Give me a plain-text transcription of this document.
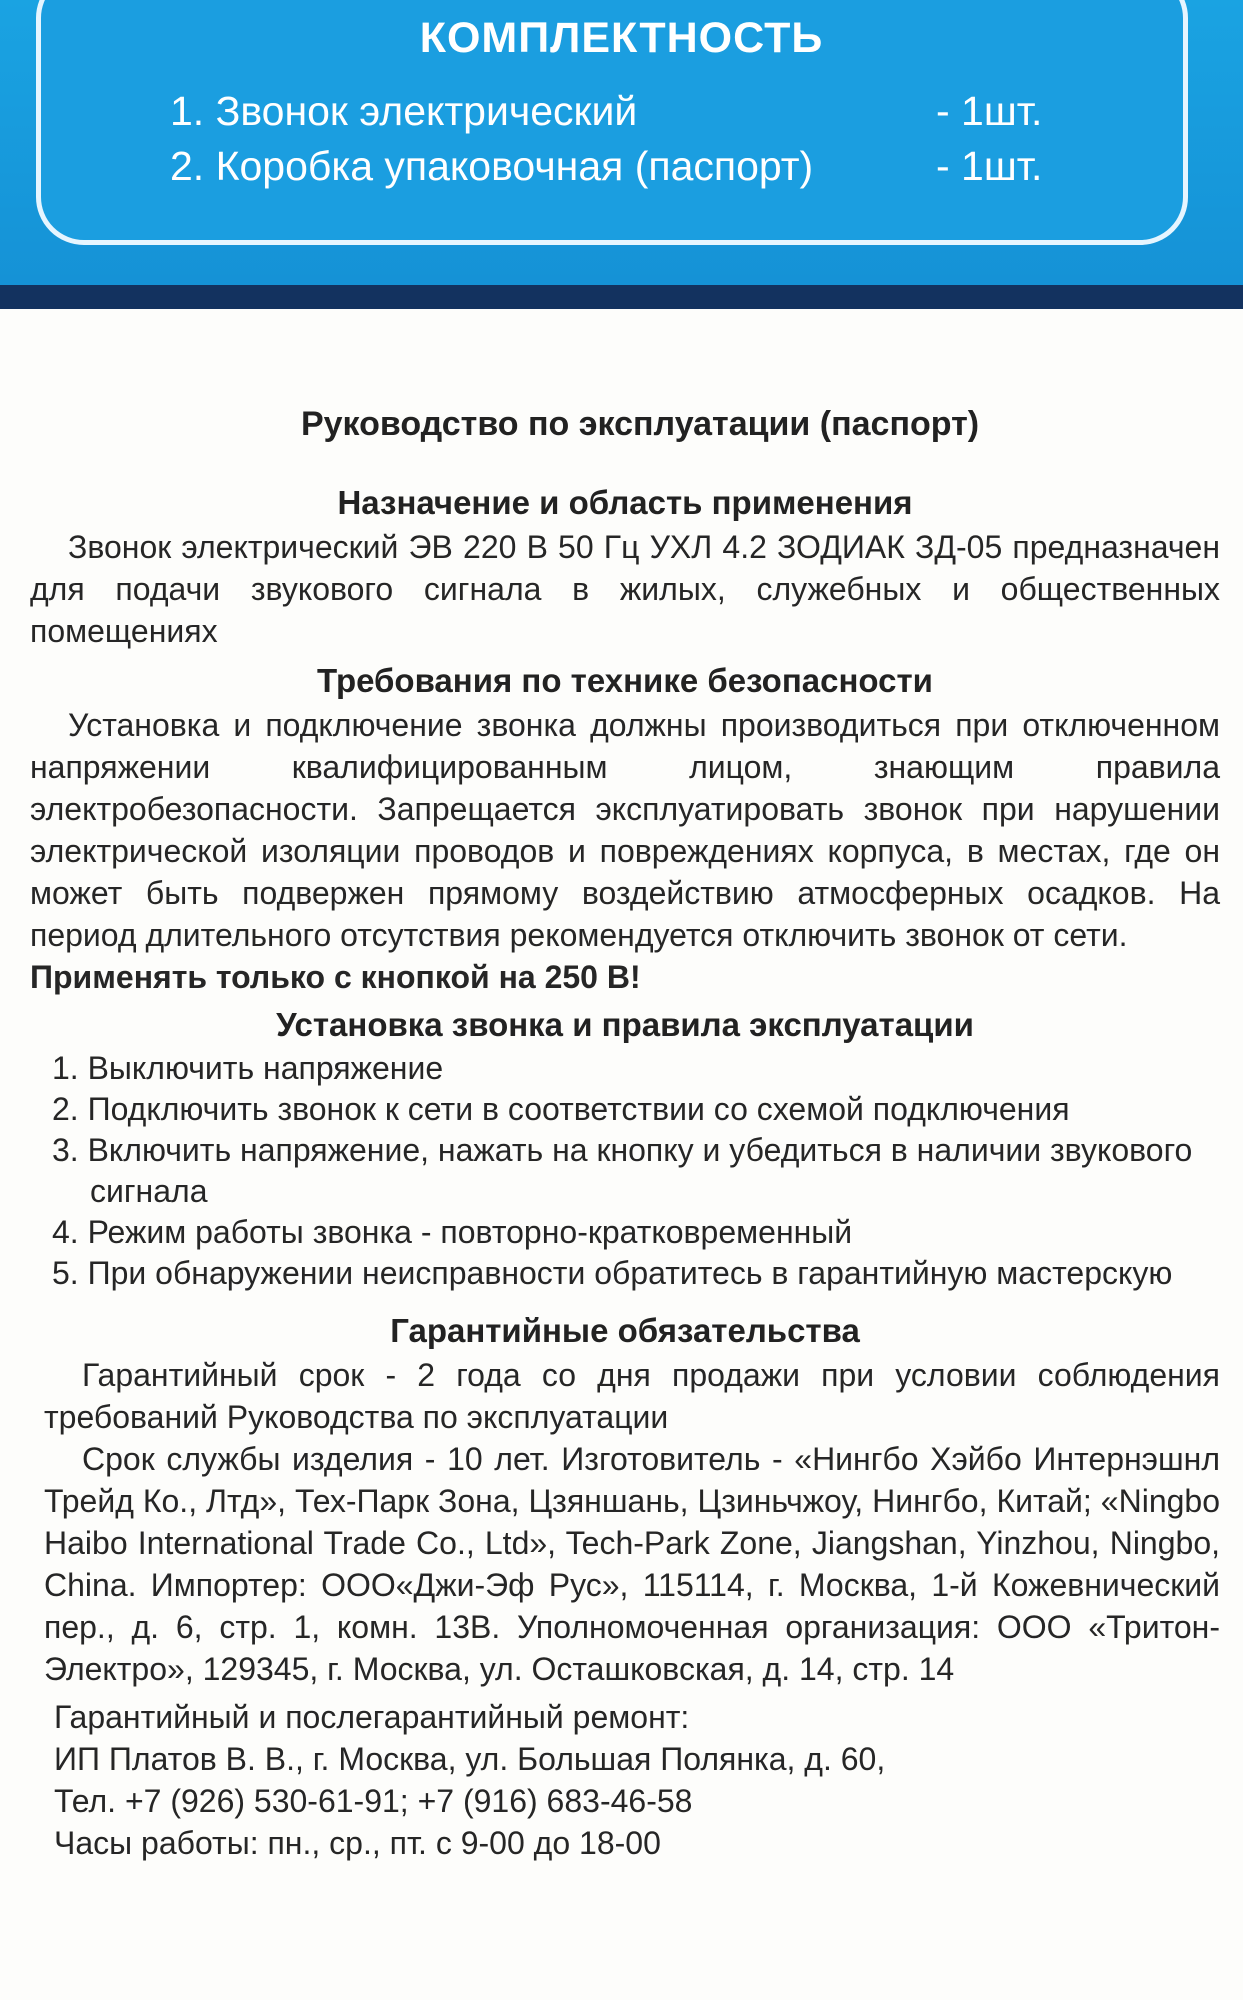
КОМПЛЕКТНОСТЬ
1. Звонок электрический	- 1шт.
2. Коробка упаковочная (паспорт)	- 1шт.
Руководство по эксплуатации (паспорт)
Назначение и область применения

Звонок электрический ЭВ 220 В 50 Гц УХЛ 4.2 ЗОДИАК ЗД-05 предназначен для подачи звукового сигнала в жилых, служебных и общественных помещениях

Требования по технике безопасности

Установка и подключение звонка должны производиться при отключенном напряжении квалифицированным лицом, знающим правила электробезопасности. Запрещается эксплуатировать звонок при нарушении электрической изоляции проводов и повреждениях корпуса, в местах, где он может быть подвержен прямому воздействию атмосферных осадков. На период длительного отсутствия рекомендуется отключить звонок от сети.

Применять только с кнопкой на 250 В!

Установка звонка и правила эксплуатации
1. Выключить напряжение
2. Подключить звонок к сети в соответствии со схемой подключения
3. Включить напряжение, нажать на кнопку и убедиться в наличии звукового сигнала
4. Режим работы звонка - повторно-кратковременный
5. При обнаружении неисправности обратитесь в гарантийную мастерскую
Гарантийные обязательства

Гарантийный срок - 2 года со дня продажи при условии соблюдения требований Руководства по эксплуатации

Срок службы изделия - 10 лет. Изготовитель - «Нингбо Хэйбо Интернэшнл Трейд Ко., Лтд», Тех-Парк Зона, Цзяншань, Цзиньчжоу, Нингбо, Китай; «Ningbo Haibo International Trade Co., Ltd», Tech-Park Zone, Jiangshan, Yinzhou, Ningbo, China. Импортер: ООО«Джи-Эф Рус», 115114, г. Москва, 1-й Кожевнический пер., д. 6, стр. 1, комн. 13В. Уполномоченная организация: ООО «Тритон-Электро», 129345, г. Москва, ул. Осташковская, д. 14, стр. 14

Гарантийный и послегарантийный ремонт:

ИП Платов В. В., г. Москва, ул. Большая Полянка, д. 60,

Тел. +7 (926) 530-61-91; +7 (916) 683-46-58

Часы работы: пн., ср., пт. с 9-00 до 18-00
